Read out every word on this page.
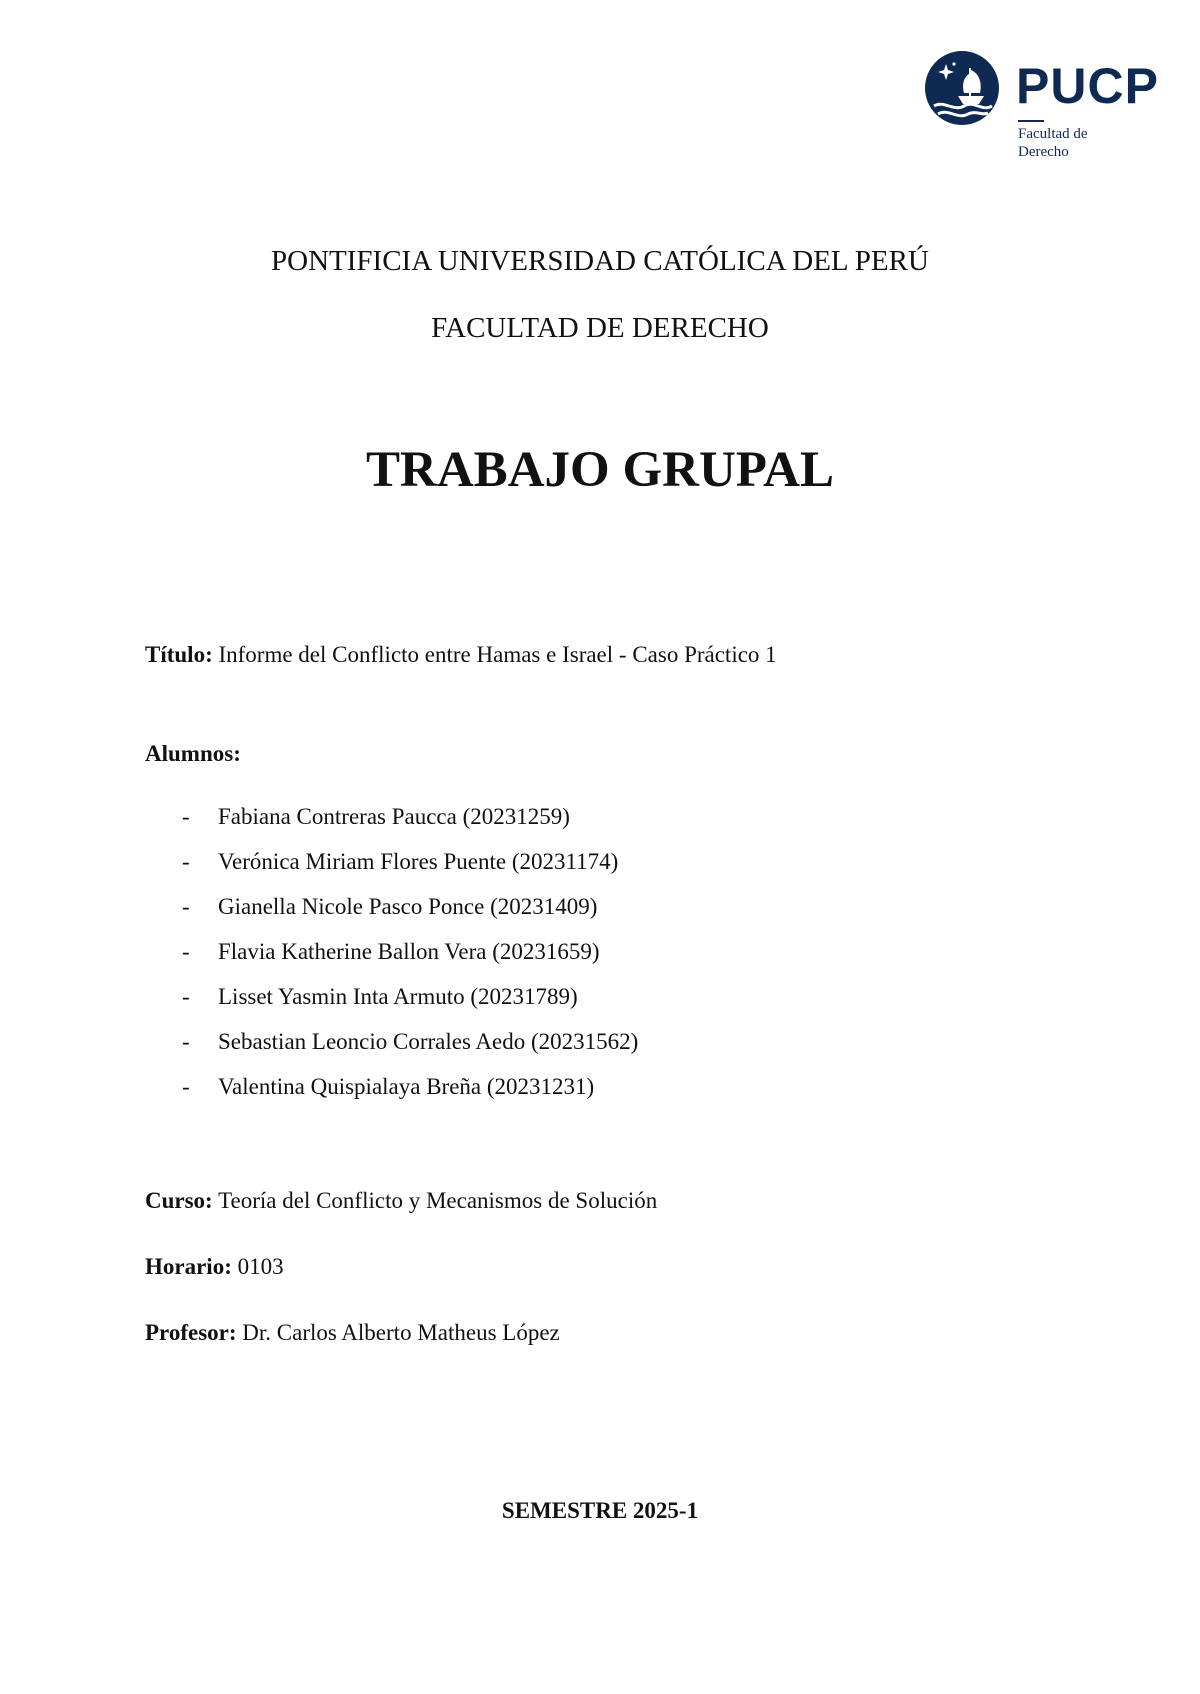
PUCP
Facultad de Derecho
PONTIFICIA UNIVERSIDAD CATÓLICA DEL PERÚ
FACULTAD DE DERECHO
TRABAJO GRUPAL
Título: Informe del Conflicto entre Hamas e Israel - Caso Práctico 1
Alumnos:
- Fabiana Contreras Paucca (20231259)
- Verónica Miriam Flores Puente (20231174)
- Gianella Nicole Pasco Ponce (20231409)
- Flavia Katherine Ballon Vera (20231659)
- Lisset Yasmin Inta Armuto (20231789)
- Sebastian Leoncio Corrales Aedo (20231562)
- Valentina Quispialaya Breña (20231231)
Curso: Teoría del Conflicto y Mecanismos de Solución
Horario: 0103
Profesor: Dr. Carlos Alberto Matheus López
SEMESTRE 2025-1
